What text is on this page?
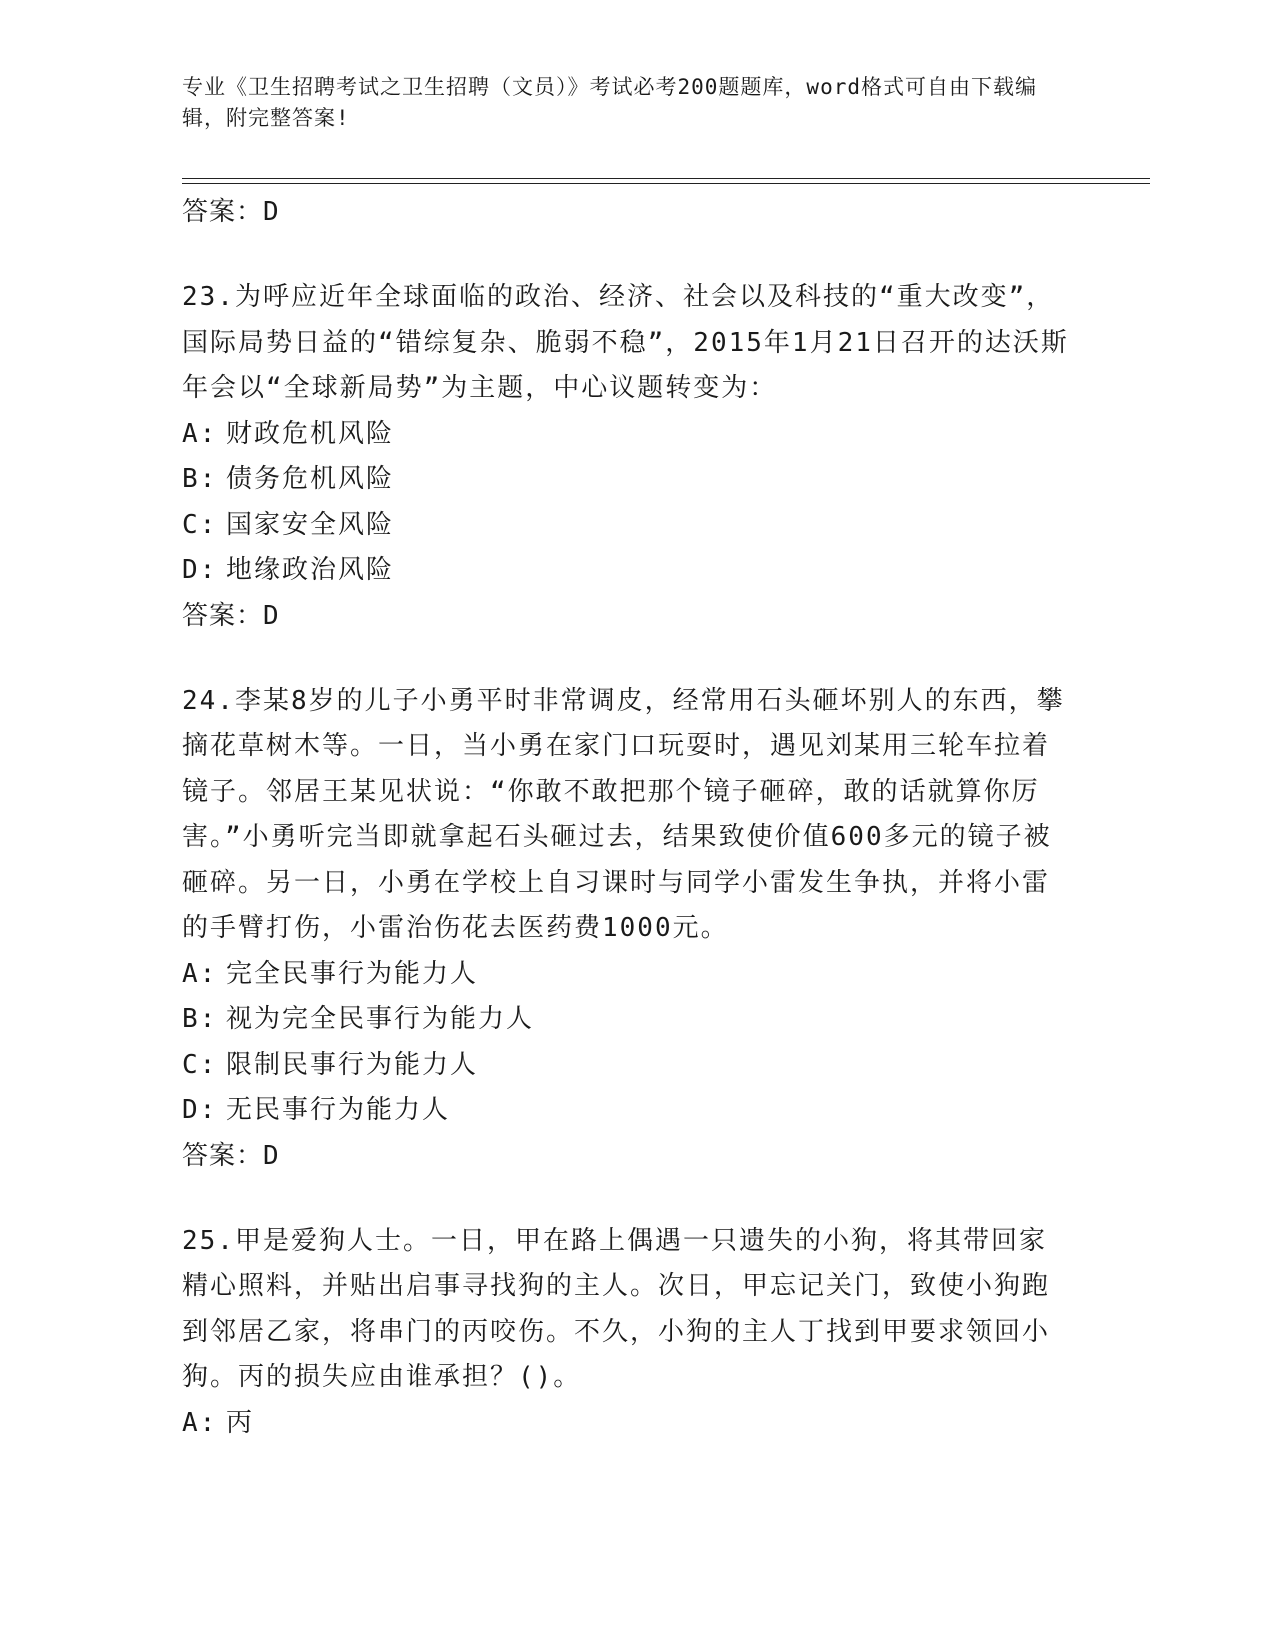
专业《卫生招聘考试之卫生招聘（文员）》考试必考200题题库，word格式可自由下载编辑，附完整答案!
答案：D
23.为呼应近年全球面临的政治、经济、社会以及科技的“重大改变”，国际局势日益的“错综复杂、脆弱不稳”，2015年1月21日召开的达沃斯年会以“全球新局势”为主题，中心议题转变为：
A: 财政危机风险
B: 债务危机风险
C: 国家安全风险
D: 地缘政治风险
答案：D
24.李某8岁的儿子小勇平时非常调皮，经常用石头砸坏别人的东西，攀摘花草树木等。一日，当小勇在家门口玩耍时，遇见刘某用三轮车拉着镜子。邻居王某见状说：“你敢不敢把那个镜子砸碎，敢的话就算你厉害。”小勇听完当即就拿起石头砸过去，结果致使价值600多元的镜子被砸碎。另一日，小勇在学校上自习课时与同学小雷发生争执，并将小雷的手臂打伤，小雷治伤花去医药费1000元。
A: 完全民事行为能力人
B: 视为完全民事行为能力人
C: 限制民事行为能力人
D: 无民事行为能力人
答案：D
25.甲是爱狗人士。一日，甲在路上偶遇一只遗失的小狗，将其带回家精心照料，并贴出启事寻找狗的主人。次日，甲忘记关门，致使小狗跑到邻居乙家，将串门的丙咬伤。不久，小狗的主人丁找到甲要求领回小狗。丙的损失应由谁承担？()。
A: 丙
